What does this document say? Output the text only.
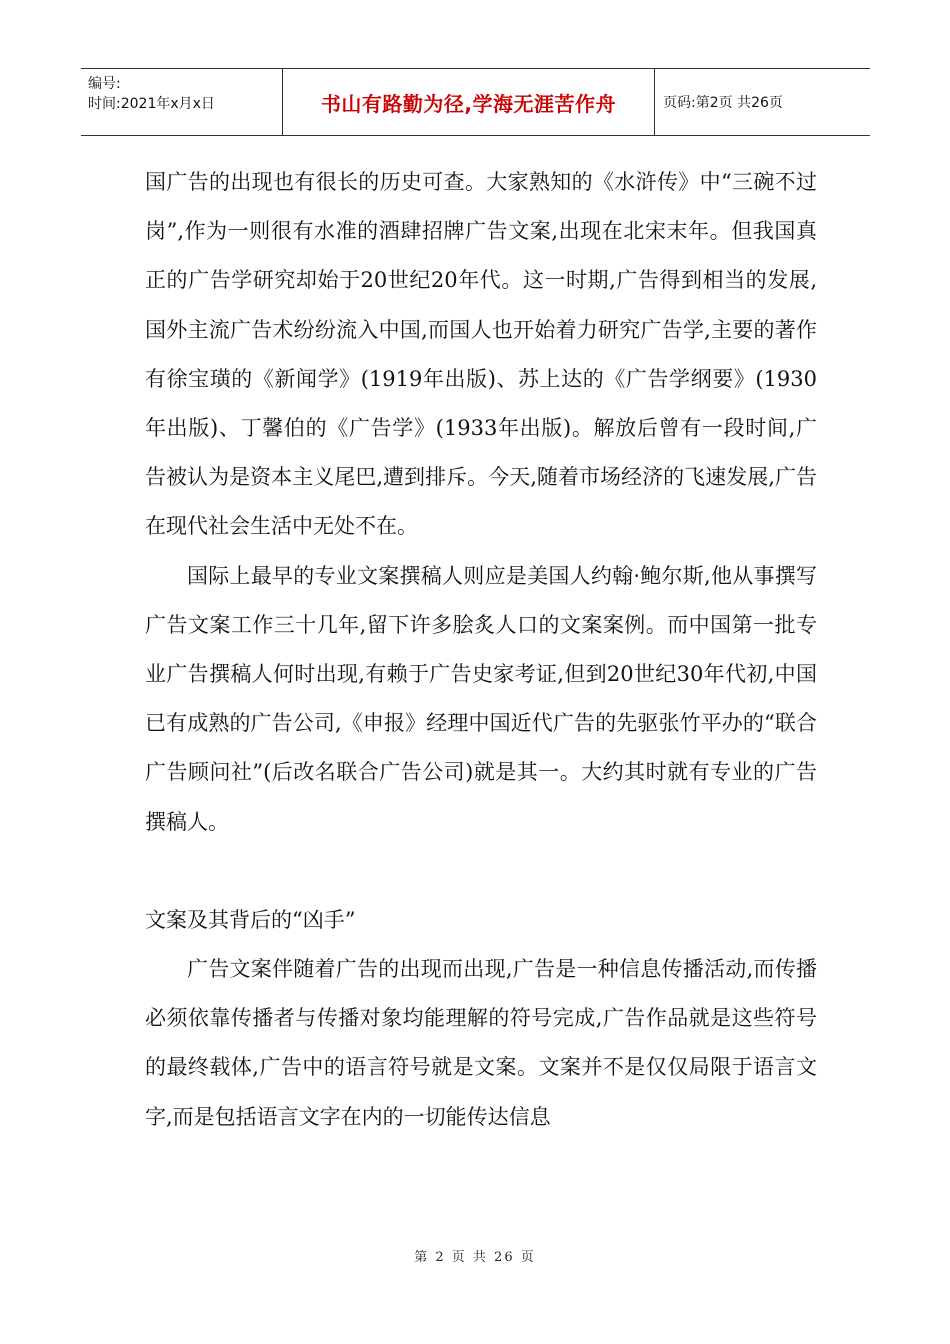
编号:
时间:2021年x月x日	书山有路勤为径,学海无涯苦作舟	页码:第2页 共26页

国广告的出现也有很长的历史可查。大家熟知的《水浒传》中“三碗不过岗”,作为一则很有水准的酒肆招牌广告文案,出现在北宋末年。但我国真正的广告学研究却始于20世纪20年代。这一时期,广告得到相当的发展,国外主流广告术纷纷流入中国,而国人也开始着力研究广告学,主要的著作有徐宝璜的《新闻学》(1919年出版)、苏上达的《广告学纲要》(1930年出版)、丁馨伯的《广告学》(1933年出版)。解放后曾有一段时间,广告被认为是资本主义尾巴,遭到排斥。今天,随着市场经济的飞速发展,广告在现代社会生活中无处不在。

国际上最早的专业文案撰稿人则应是美国人约翰·鲍尔斯,他从事撰写广告文案工作三十几年,留下许多脍炙人口的文案案例。而中国第一批专业广告撰稿人何时出现,有赖于广告史家考证,但到20世纪30年代初,中国已有成熟的广告公司,《申报》经理中国近代广告的先驱张竹平办的“联合广告顾问社”(后改名联合广告公司)就是其一。大约其时就有专业的广告撰稿人。

文案及其背后的“凶手”

广告文案伴随着广告的出现而出现,广告是一种信息传播活动,而传播必须依靠传播者与传播对象均能理解的符号完成,广告作品就是这些符号的最终载体,广告中的语言符号就是文案。文案并不是仅仅局限于语言文字,而是包括语言文字在内的一切能传达信息

第 2 页 共 26 页
